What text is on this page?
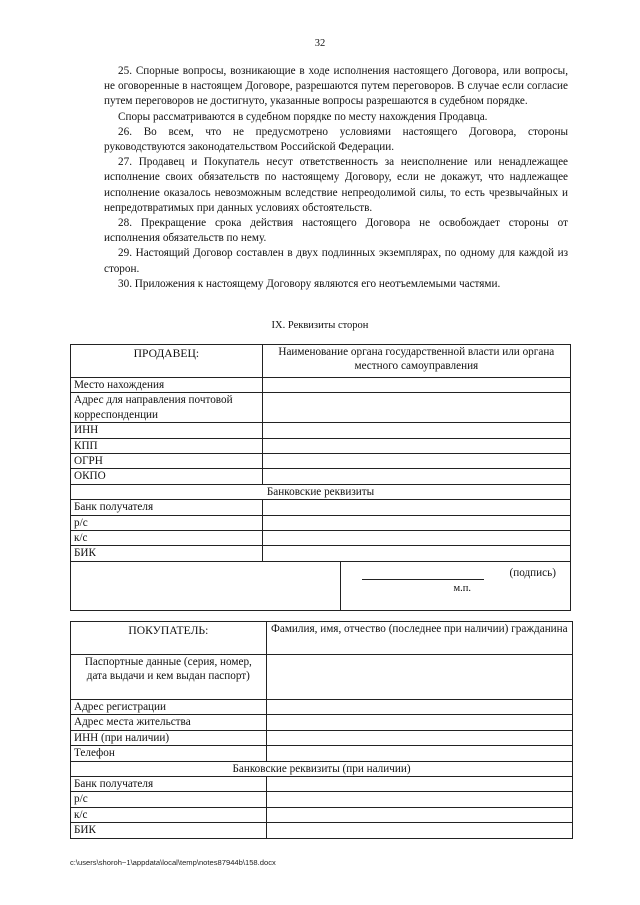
32

25. Спорные вопросы, возникающие в ходе исполнения настоящего Договора, или вопросы, не оговоренные в настоящем Договоре, разрешаются путем переговоров. В случае если согласие путем переговоров не достигнуто, указанные вопросы разрешаются в судебном порядке.

Споры рассматриваются в судебном порядке по месту нахождения Продавца.

26. Во всем, что не предусмотрено условиями настоящего Договора, стороны руководствуются законодательством Российской Федерации.

27. Продавец и Покупатель несут ответственность за неисполнение или ненадлежащее исполнение своих обязательств по настоящему Договору, если не докажут, что надлежащее исполнение оказалось невозможным вследствие непреодолимой силы, то есть чрезвычайных и непредотвратимых при данных условиях обстоятельств.

28. Прекращение срока действия настоящего Договора не освобождает стороны от исполнения обязательств по нему.

29. Настоящий Договор составлен в двух подлинных экземплярах, по одному для каждой из сторон.

30. Приложения к настоящему Договору являются его неотъемлемыми частями.

IX. Реквизиты сторон
ПРОДАВЕЦ:	Наименование органа государственной власти или органа местного самоуправления	
Место нахождения		
Адрес для направления почтовой корреспонденции		
ИНН		
КПП		
ОГРН		
ОКПО		
Банковские реквизиты		
Банк получателя		
р/с		
к/с		
БИК		

		(подпись)
м.п.
ПОКУПАТЕЛЬ:	Фамилия, имя, отчество (последнее при наличии) гражданина
Паспортные данные (серия, номер, дата выдачи и кем выдан паспорт)	
Адрес регистрации	
Адрес места жительства	
ИНН (при наличии)	
Телефон	
Банковские реквизиты (при наличии)	
Банк получателя	
р/с	
к/с	
БИК	
c:\users\shoroh~1\appdata\local\temp\notes87944b\158.docx
